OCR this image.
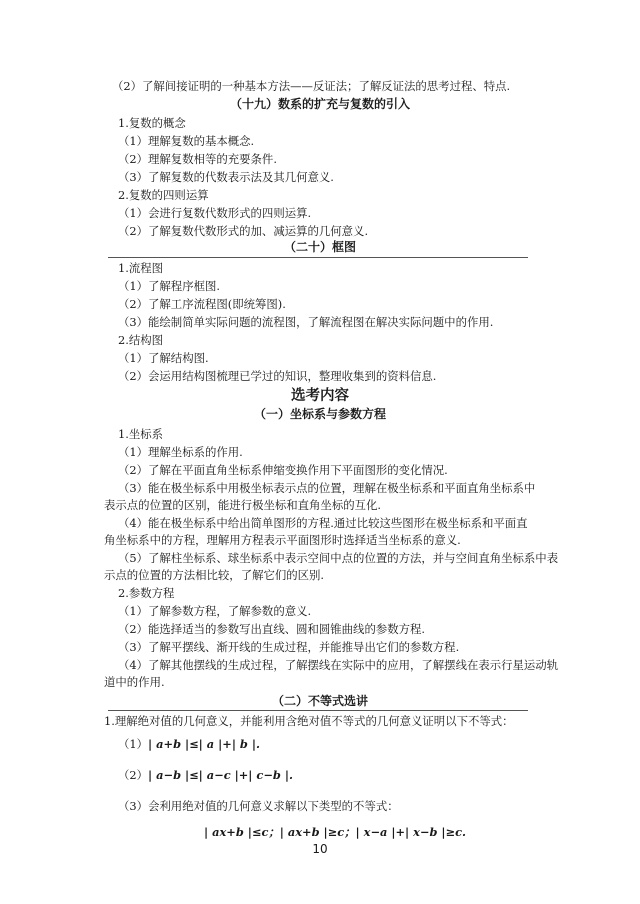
（2）了解间接证明的一种基本方法——反证法；了解反证法的思考过程、特点.
（十九）数系的扩充与复数的引入
1.复数的概念
（1）理解复数的基本概念.
（2）理解复数相等的充要条件.
（3）了解复数的代数表示法及其几何意义.
2.复数的四则运算
（1）会进行复数代数形式的四则运算.
（2）了解复数代数形式的加、减运算的几何意义.
（二十）框图
1.流程图
（1）了解程序框图.
（2）了解工序流程图(即统筹图).
（3）能绘制简单实际问题的流程图，了解流程图在解决实际问题中的作用.
2.结构图
（1）了解结构图.
（2）会运用结构图梳理已学过的知识，整理收集到的资料信息.
选考内容
（一）坐标系与参数方程
1.坐标系
（1）理解坐标系的作用.
（2）了解在平面直角坐标系伸缩变换作用下平面图形的变化情况.
（3）能在极坐标系中用极坐标表示点的位置，理解在极坐标系和平面直角坐标系中
表示点的位置的区别，能进行极坐标和直角坐标的互化.
（4）能在极坐标系中给出简单图形的方程.通过比较这些图形在极坐标系和平面直
角坐标系中的方程，理解用方程表示平面图形时选择适当坐标系的意义.
（5）了解柱坐标系、球坐标系中表示空间中点的位置的方法，并与空间直角坐标系中表
示点的位置的方法相比较，了解它们的区别.
2.参数方程
（1）了解参数方程，了解参数的意义.
（2）能选择适当的参数写出直线、圆和圆锥曲线的参数方程.
（3）了解平摆线、渐开线的生成过程，并能推导出它们的参数方程.
（4）了解其他摆线的生成过程，了解摆线在实际中的应用，了解摆线在表示行星运动轨
道中的作用.
（二）不等式选讲
1.理解绝对值的几何意义，并能利用含绝对值不等式的几何意义证明以下不等式：
（1）| a+b |≤| a |+| b |.
（2）| a−b |≤| a−c |+| c−b |.
（3）会利用绝对值的几何意义求解以下类型的不等式：
| ax+b |≤c；| ax+b |≥c；| x−a |+| x−b |≥c.
10
